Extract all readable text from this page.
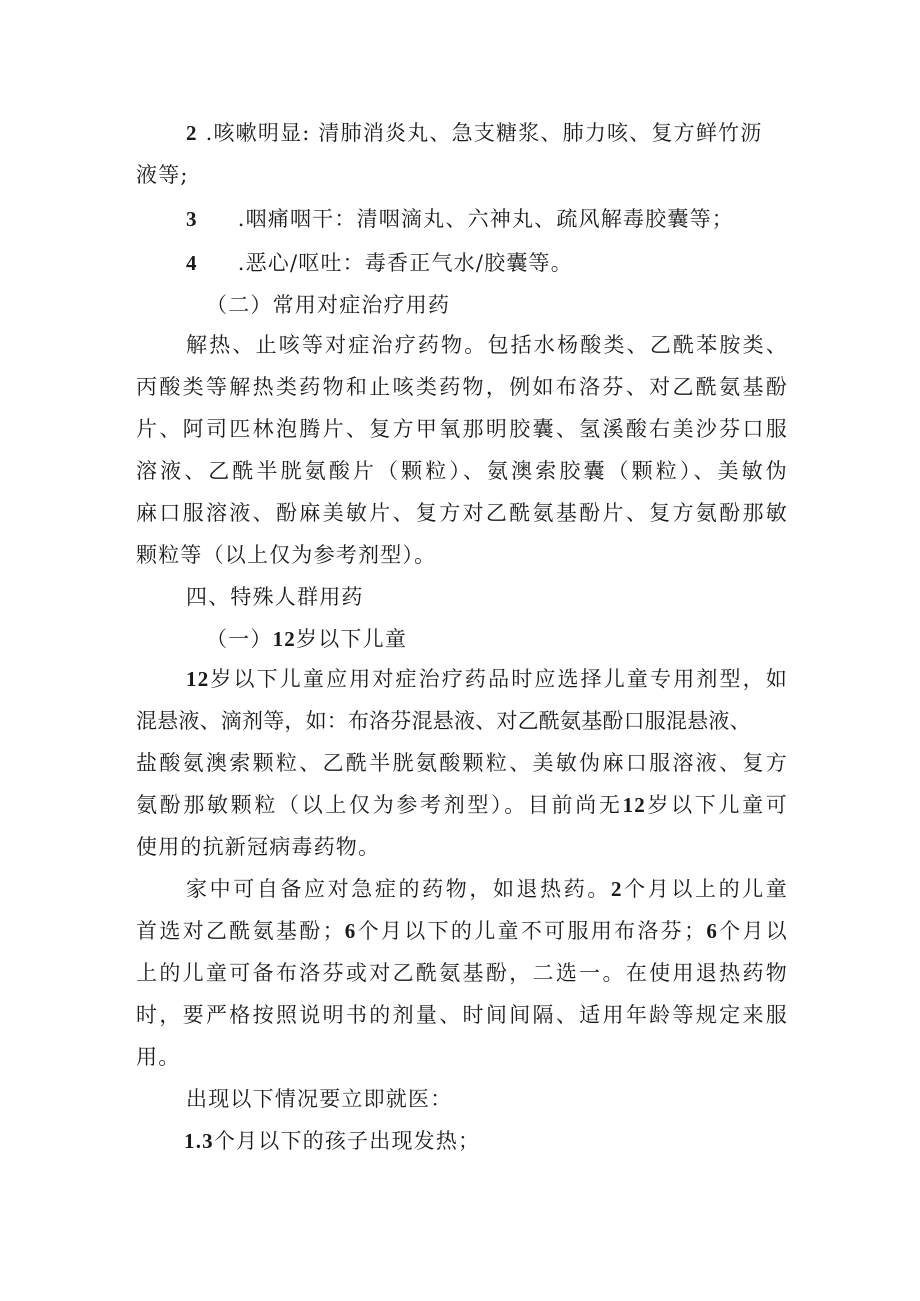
2 .咳嗽明显: 清肺消炎丸、急支糖浆、肺力咳、复方鲜竹沥

液等;

3 .咽痛咽干：清咽滴丸、六神丸、疏风解毒胶囊等；

4 .恶心/呕吐：毒香正气水/胶囊等。

（二）常用对症治疗用药

解热、止咳等对症治疗药物。包括水杨酸类、乙酰苯胺类、

丙酸类等解热类药物和止咳类药物，例如布洛芬、对乙酰氨基酚

片、阿司匹林泡腾片、复方甲氧那明胶囊、氢溪酸右美沙芬口服

溶液、乙酰半胱氨酸片（颗粒）、氨澳索胶囊（颗粒）、美敏伪

麻口服溶液、酚麻美敏片、复方对乙酰氨基酚片、复方氨酚那敏

颗粒等（以上仅为参考剂型）。

四、特殊人群用药

（一）12岁以下儿童

12岁以下儿童应用对症治疗药品时应选择儿童专用剂型，如

混悬液、滴剂等，如：布洛芬混悬液、对乙酰氨基酚口服混悬液、

盐酸氨澳索颗粒、乙酰半胱氨酸颗粒、美敏伪麻口服溶液、复方

氨酚那敏颗粒（以上仅为参考剂型）。目前尚无12岁以下儿童可

使用的抗新冠病毒药物。

家中可自备应对急症的药物，如退热药。2个月以上的儿童

首选对乙酰氨基酚；6个月以下的儿童不可服用布洛芬；6个月以

上的儿童可备布洛芬或对乙酰氨基酚，二选一。在使用退热药物

时，要严格按照说明书的剂量、时间间隔、适用年龄等规定来服

用。

出现以下情况要立即就医：

1.3个月以下的孩子出现发热；
